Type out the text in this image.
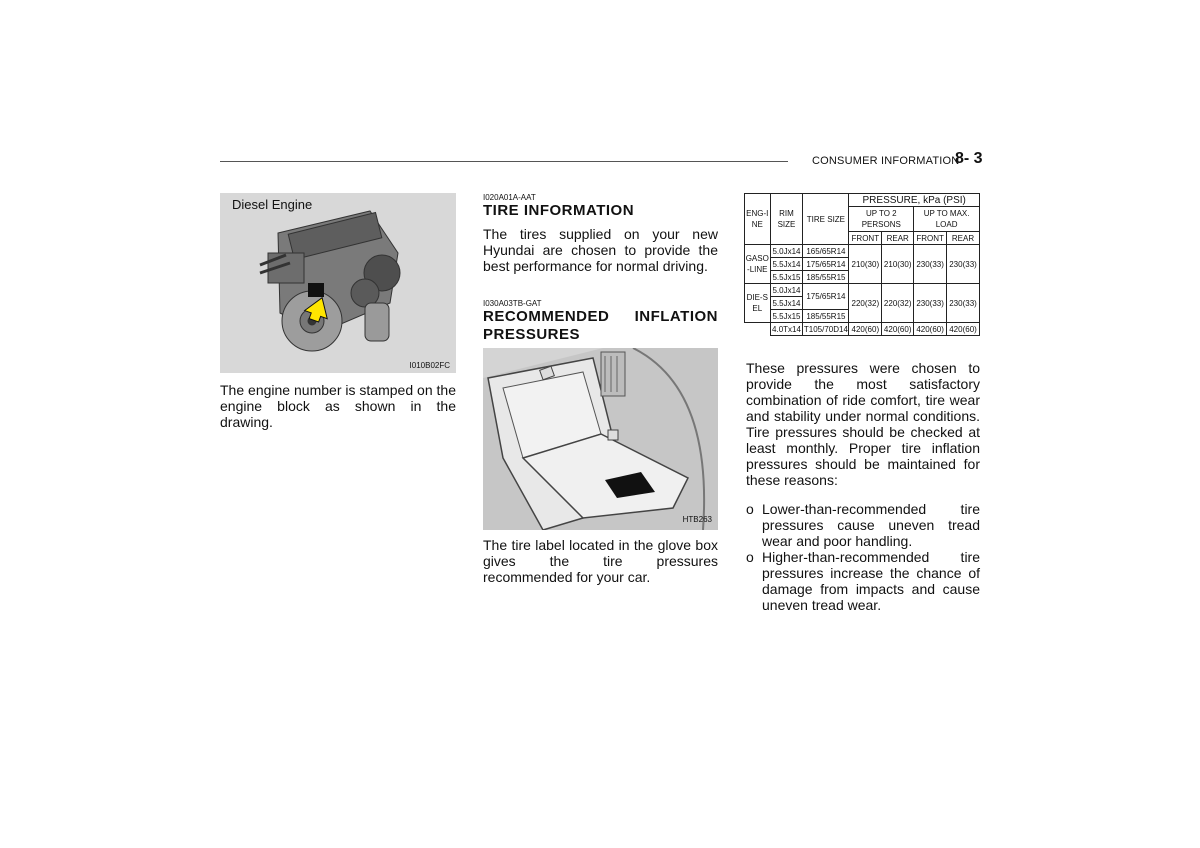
CONSUMER INFORMATION
8- 3
Diesel Engine
I010B02FC
The engine number is stamped on the engine block as shown in the drawing.
I020A01A-AAT
TIRE INFORMATION
The tires supplied on your new Hyundai are chosen to provide the best performance for normal driving.
I030A03TB-GAT
RECOMMENDED INFLATION PRESSURES
HTB263
The tire label located in the glove box gives the tire pressures recommended for your car.
ENG-INE	RIM SIZE	TIRE SIZE	PRESSURE, kPa (PSI)			
			UP TO 2 PERSONS		UP TO MAX. LOAD	
			FRONT	REAR	FRONT	REAR
GASO-LINE	5.0Jx14	165/65R14	210(30)	210(30)	230(33)	230(33)
	5.5Jx14	175/65R14				
	5.5Jx15	185/55R15				
DIE-SEL	5.0Jx14	175/65R14	220(32)	220(32)	230(33)	230(33)
	5.5Jx14					
	5.5Jx15	185/55R15				
	4.0Tx14	T105/70D14	420(60)	420(60)	420(60)	420(60)
These pressures were chosen to provide the most satisfactory combination of ride comfort, tire wear and stability under normal conditions. Tire pressures should be checked at least monthly. Proper tire inflation pressures should be maintained for these reasons:
o Lower-than-recommended tire pressures cause uneven tread wear and poor handling.
o Higher-than-recommended tire pressures increase the chance of damage from impacts and cause uneven tread wear.
